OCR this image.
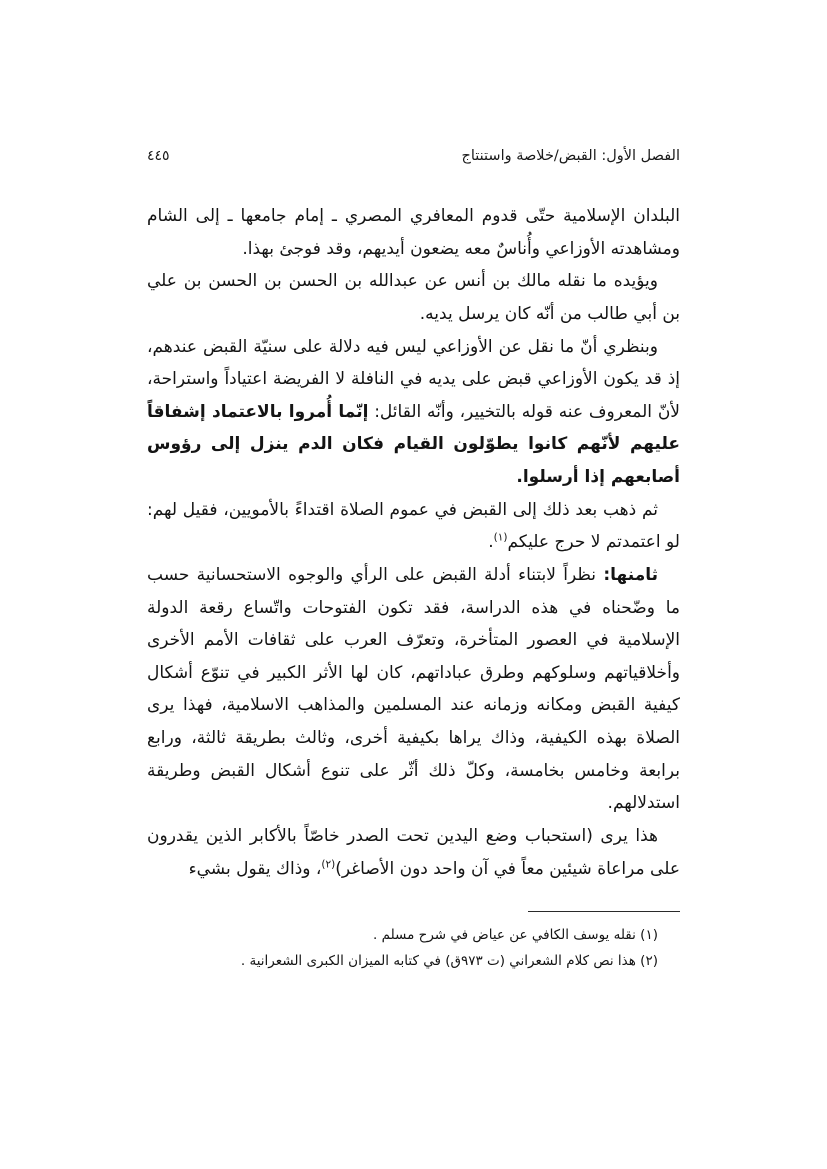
الفصل الأول: القبض/خلاصة واستنتاج
٤٤٥

البلدان الإسلامية حتّى قدوم المعافري المصري ـ إمام جامعها ـ إلى الشام ومشاهدته الأوزاعي وأُناسٌ معه يضعون أيديهم، وقد فوجئ بهذا.

ويؤيده ما نقله مالك بن أنس عن عبدالله بن الحسن بن الحسن بن علي بن أبي طالب من أنّه كان يرسل يديه.

وبنظري أنّ ما نقل عن الأوزاعي ليس فيه دلالة على سنيّة القبض عندهم، إذ قد يكون الأوزاعي قبض على يديه في النافلة لا الفريضة اعتياداً واستراحة، لأنّ المعروف عنه قوله بالتخيير، وأنّه القائل: إنّما أُمروا بالاعتماد إشفاقاً عليهم لأنّهم كانوا يطوّلون القيام فكان الدم ينزل إلى رؤوس أصابعهم إذا أرسلوا.

ثم ذهب بعد ذلك إلى القبض في عموم الصلاة اقتداءً بالأمويين، فقيل لهم: لو اعتمدتم لا حرج عليكم$^{(١)}$.

ثامنها: نظراً لابتناء أدلة القبض على الرأي والوجوه الاستحسانية حسب ما وضّحناه في هذه الدراسة، فقد تكون الفتوحات واتّساع رقعة الدولة الإسلامية في العصور المتأخرة، وتعرّف العرب على ثقافات الأمم الأخرى وأخلاقياتهم وسلوكهم وطرق عباداتهم، كان لها الأثر الكبير في تنوّع أشكال كيفية القبض ومكانه وزمانه عند المسلمين والمذاهب الاسلامية، فهذا يرى الصلاة بهذه الكيفية، وذاك يراها بكيفية أخرى، وثالث بطريقة ثالثة، ورابع برابعة وخامس بخامسة، وكلّ ذلك أثّر على تنوع أشكال القبض وطريقة استدلالهم.

هذا يرى (استحباب وضع اليدين تحت الصدر خاصّاً بالأكابر الذين يقدرون على مراعاة شيئين معاً في آن واحد دون الأصاغر)$^{(٢)}$، وذاك يقول بشيء

(١) نقله يوسف الكافي عن عياض في شرح مسلم .
(٢) هذا نص كلام الشعراني (ت ٩٧٣ق) في كتابه الميزان الكبرى الشعرانية .
